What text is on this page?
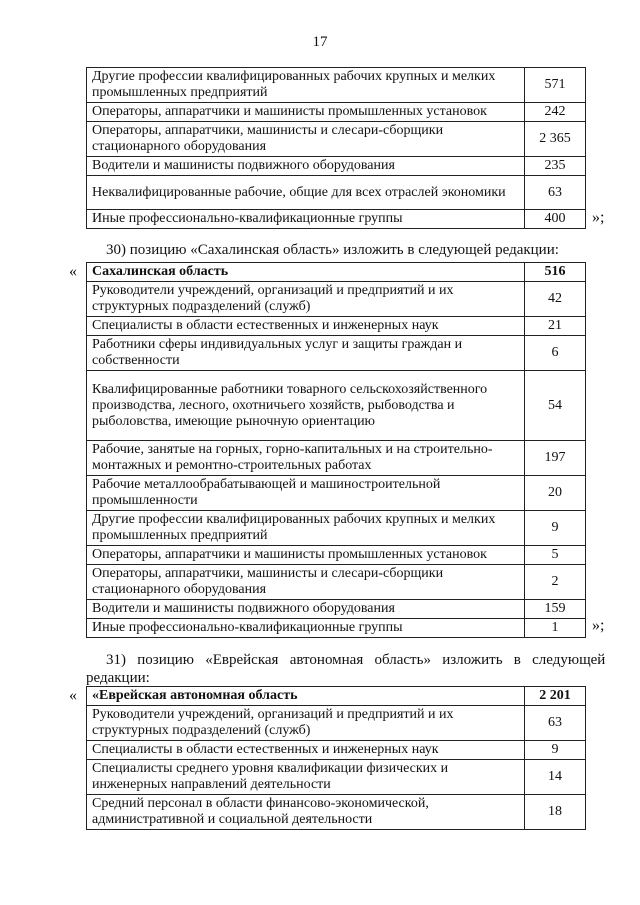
17
Другие профессии квалифицированных рабочих крупных и мелких промышленных предприятий	571
Операторы, аппаратчики и машинисты промышленных установок	242
Операторы, аппаратчики, машинисты и слесари-сборщики стационарного оборудования	2 365
Водители и машинисты подвижного оборудования	235
Неквалифицированные рабочие, общие для всех отраслей экономики	63
Иные профессионально-квалификационные группы	400 »;
30) позицию «Сахалинская область» изложить в следующей редакции:
« Сахалинская область	516
Руководители учреждений, организаций и предприятий и их структурных подразделений (служб)	42
Специалисты в области естественных и инженерных наук	21
Работники сферы индивидуальных услуг и защиты граждан и собственности	6
Квалифицированные работники товарного сельскохозяйственного производства, лесного, охотничьего хозяйств, рыбоводства и рыболовства, имеющие рыночную ориентацию	54
Рабочие, занятые на горных, горно-капитальных и на строительно-монтажных и ремонтно-строительных работах	197
Рабочие металлообрабатывающей и машиностроительной промышленности	20
Другие профессии квалифицированных рабочих крупных и мелких промышленных предприятий	9
Операторы, аппаратчики и машинисты промышленных установок	5
Операторы, аппаратчики, машинисты и слесари-сборщики стационарного оборудования	2
Водители и машинисты подвижного оборудования	159
Иные профессионально-квалификационные группы	1 »;
31)   позицию   «Еврейская   автономная   область»   изложить   в   следующей
редакции:
« «Еврейская автономная область	2 201
Руководители учреждений, организаций и предприятий и их структурных подразделений (служб)	63
Специалисты в области естественных и инженерных наук	9
Специалисты среднего уровня квалификации физических и инженерных направлений деятельности	14
Средний персонал в области финансово-экономической, административной и социальной деятельности	18
